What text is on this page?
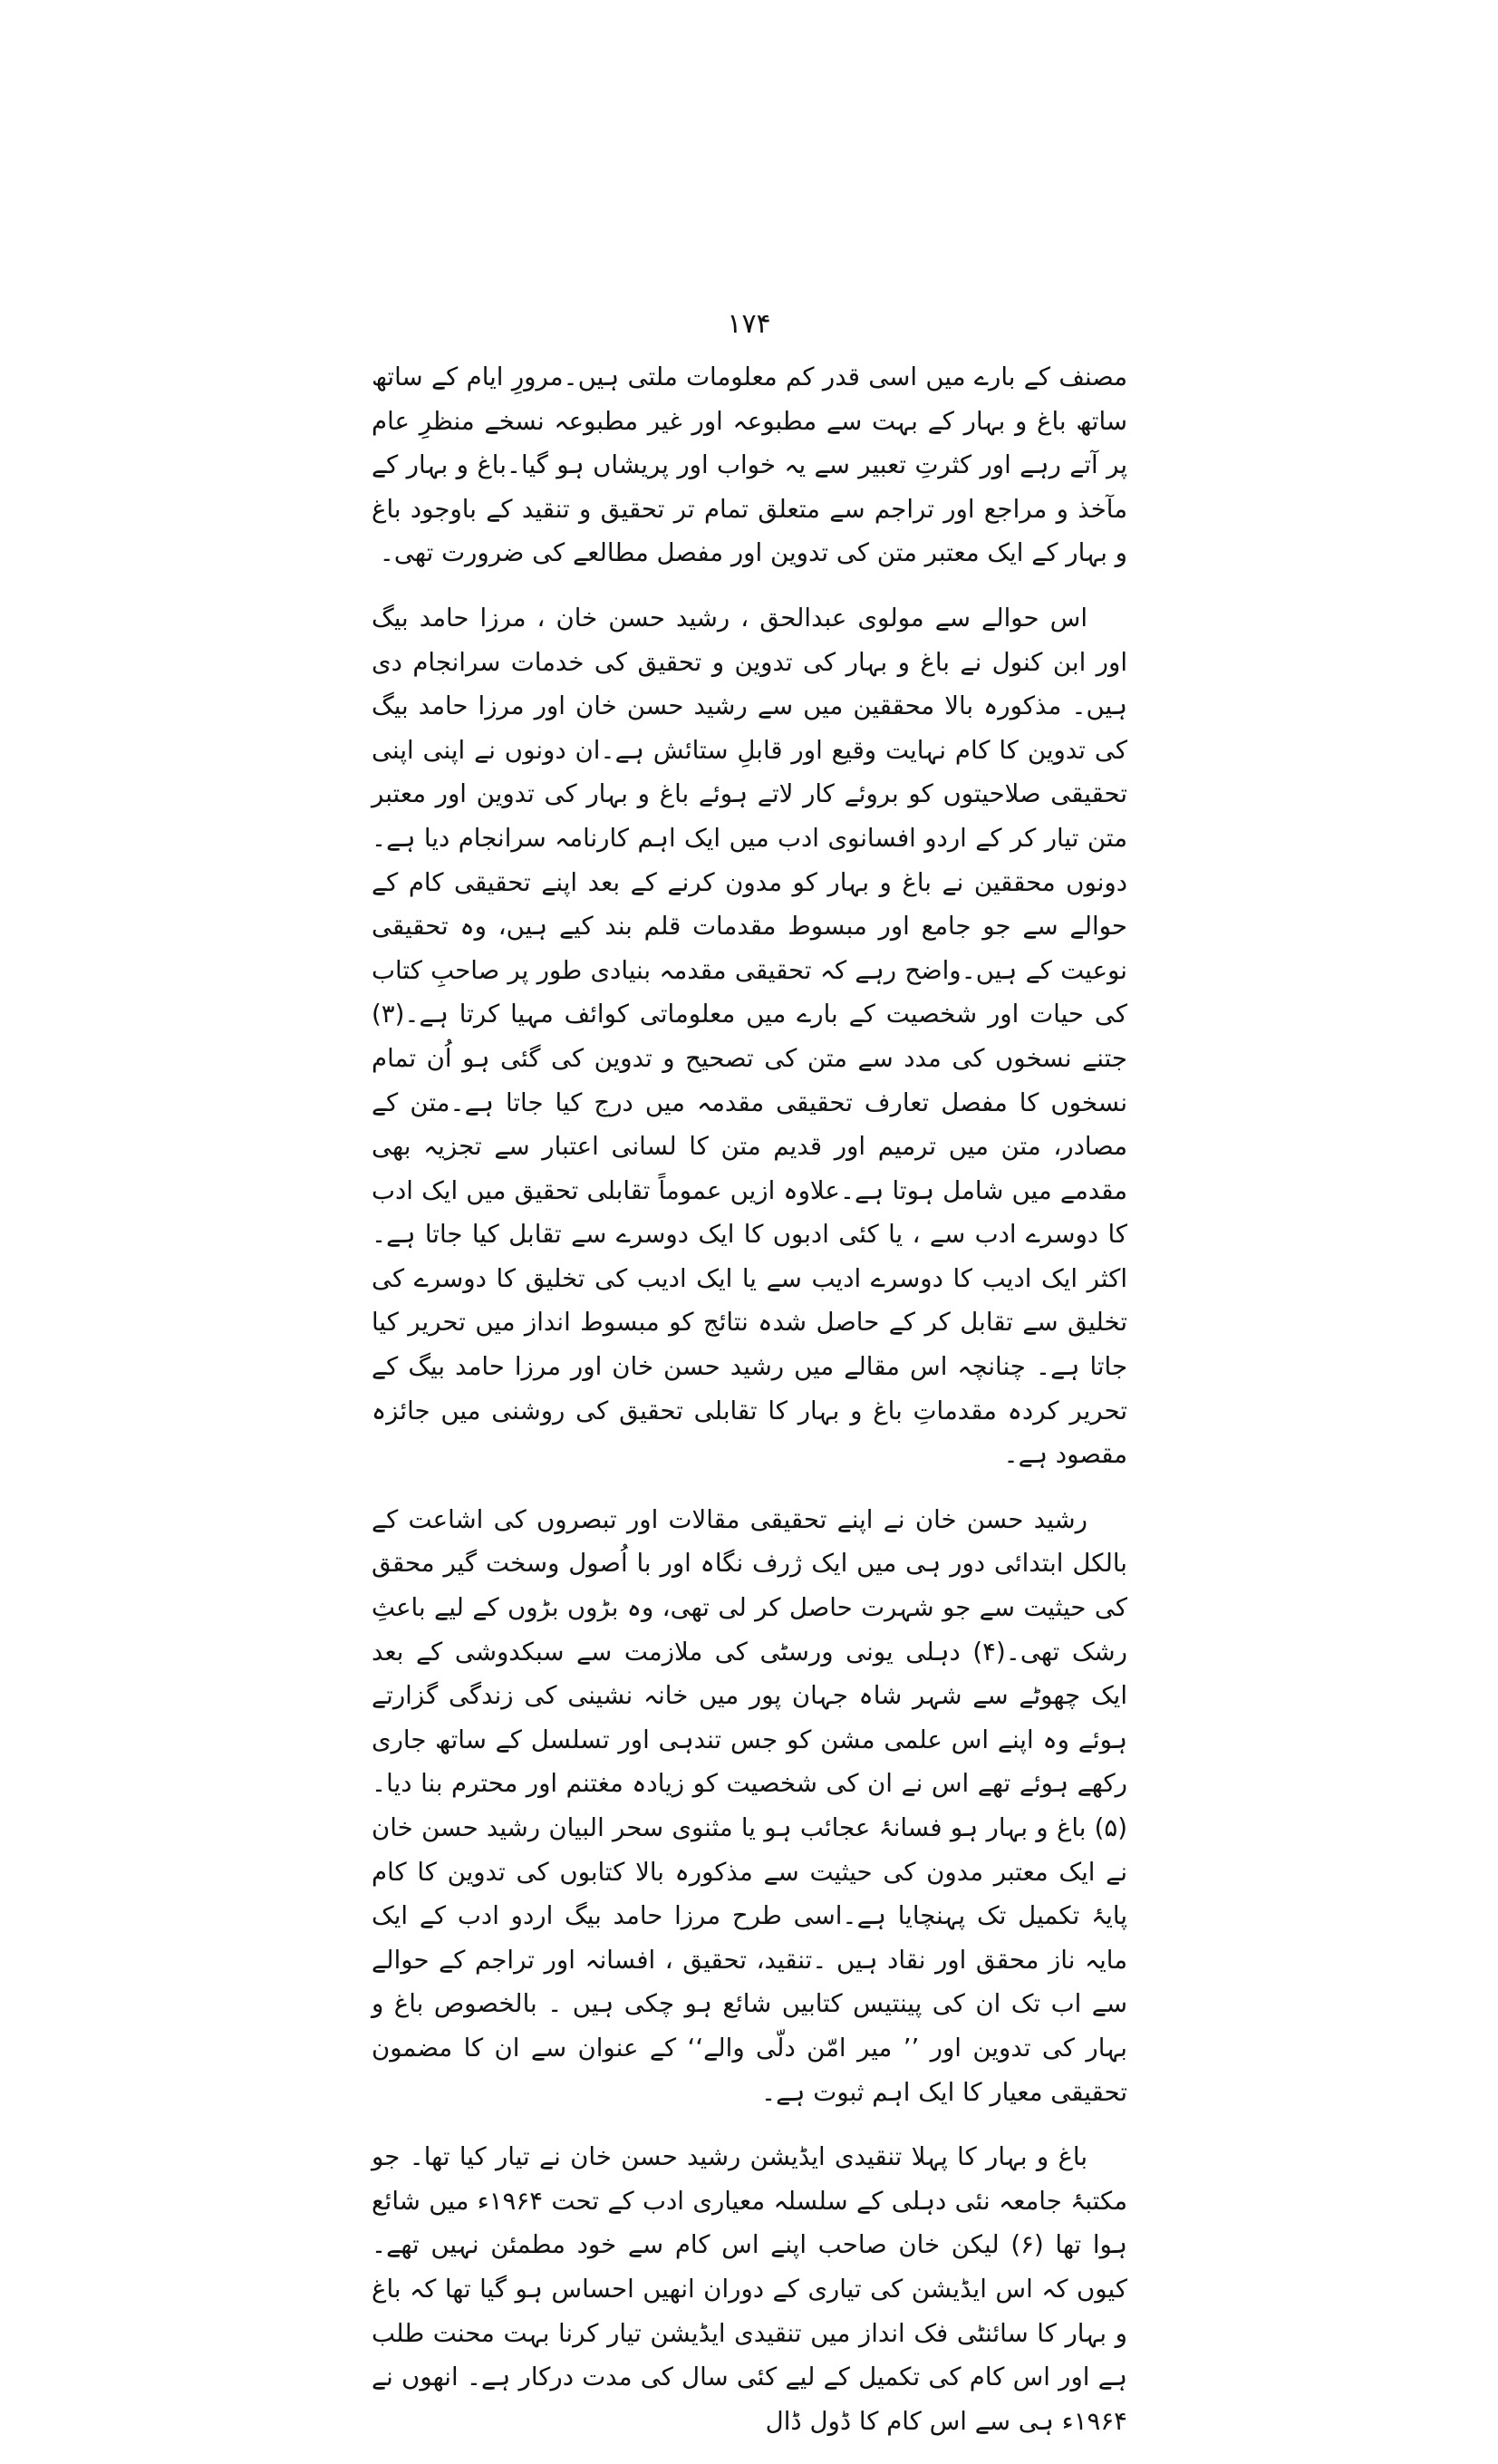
۱۷۴

مصنف کے بارے میں اسی قدر کم معلومات ملتی ہیں۔مرورِ ایام کے ساتھ ساتھ باغ و بہار کے بہت سے مطبوعہ اور غیر مطبوعہ نسخے منظرِ عام پر آتے رہے اور کثرتِ تعبیر سے یہ خواب اور پریشاں ہو گیا۔باغ و بہار کے مآخذ و مراجع اور تراجم سے متعلق تمام تر تحقیق و تنقید کے باوجود باغ و بہار کے ایک معتبر متن کی تدوین اور مفصل مطالعے کی ضرورت تھی۔

اس حوالے سے مولوی عبدالحق ، رشید حسن خان ، مرزا حامد بیگ اور ابن کنول نے باغ و بہار کی تدوین و تحقیق کی خدمات سرانجام دی ہیں۔ مذکورہ بالا محققین میں سے رشید حسن خان اور مرزا حامد بیگ کی تدوین کا کام نہایت وقیع اور قابلِ ستائش ہے۔ان دونوں نے اپنی اپنی تحقیقی صلاحیتوں کو بروئے کار لاتے ہوئے باغ و بہار کی تدوین اور معتبر متن تیار کر کے اردو افسانوی ادب میں ایک اہم کارنامہ سرانجام دیا ہے۔دونوں محققین نے باغ و بہار کو مدون کرنے کے بعد اپنے تحقیقی کام کے حوالے سے جو جامع اور مبسوط مقدمات قلم بند کیے ہیں، وہ تحقیقی نوعیت کے ہیں۔واضح رہے کہ تحقیقی مقدمہ بنیادی طور پر صاحبِ کتاب کی حیات اور شخصیت کے بارے میں معلوماتی کوائف مہیا کرتا ہے۔(۳) جتنے نسخوں کی مدد سے متن کی تصحیح و تدوین کی گئی ہو اُن تمام نسخوں کا مفصل تعارف تحقیقی مقدمہ میں درج کیا جاتا ہے۔متن کے مصادر، متن میں ترمیم اور قدیم متن کا لسانی اعتبار سے تجزیہ بھی مقدمے میں شامل ہوتا ہے۔علاوہ ازیں عموماً تقابلی تحقیق میں ایک ادب کا دوسرے ادب سے ، یا کئی ادبوں کا ایک دوسرے سے تقابل کیا جاتا ہے۔ اکثر ایک ادیب کا دوسرے ادیب سے یا ایک ادیب کی تخلیق کا دوسرے کی تخلیق سے تقابل کر کے حاصل شدہ نتائج کو مبسوط انداز میں تحریر کیا جاتا ہے۔ چنانچہ اس مقالے میں رشید حسن خان اور مرزا حامد بیگ کے تحریر کردہ مقدماتِ باغ و بہار کا تقابلی تحقیق کی روشنی میں جائزہ مقصود ہے۔

رشید حسن خان نے اپنے تحقیقی مقالات اور تبصروں کی اشاعت کے بالکل ابتدائی دور ہی میں ایک ژرف نگاہ اور با اُصول وسخت گیر محقق کی حیثیت سے جو شہرت حاصل کر لی تھی، وہ بڑوں بڑوں کے لیے باعثِ رشک تھی۔(۴) دہلی یونی ورسٹی کی ملازمت سے سبکدوشی کے بعد ایک چھوٹے سے شہر شاہ جہان پور میں خانہ نشینی کی زندگی گزارتے ہوئے وہ اپنے اس علمی مشن کو جس تندہی اور تسلسل کے ساتھ جاری رکھے ہوئے تھے اس نے ان کی شخصیت کو زیادہ مغتنم اور محترم بنا دیا۔(۵) باغ و بہار ہو فسانۂ عجائب ہو یا مثنوی سحر البیان رشید حسن خان نے ایک معتبر مدون کی حیثیت سے مذکورہ بالا کتابوں کی تدوین کا کام پایۂ تکمیل تک پہنچایا ہے۔اسی طرح مرزا حامد بیگ اردو ادب کے ایک مایہ ناز محقق اور نقاد ہیں ۔تنقید، تحقیق ، افسانہ اور تراجم کے حوالے سے اب تک ان کی پینتیس کتابیں شائع ہو چکی ہیں ۔ بالخصوص باغ و بہار کی تدوین اور ’’ میر امّن دلّی والے‘‘ کے عنوان سے ان کا مضمون تحقیقی معیار کا ایک اہم ثبوت ہے۔

باغ و بہار کا پہلا تنقیدی ایڈیشن رشید حسن خان نے تیار کیا تھا۔ جو مکتبۂ جامعہ نئی دہلی کے سلسلہ معیاری ادب کے تحت ۱۹۶۴ء میں شائع ہوا تھا (۶) لیکن خان صاحب اپنے اس کام سے خود مطمئن نہیں تھے۔ کیوں کہ اس ایڈیشن کی تیاری کے دوران انھیں احساس ہو گیا تھا کہ باغ و بہار کا سائنٹی فک انداز میں تنقیدی ایڈیشن تیار کرنا بہت محنت طلب ہے اور اس کام کی تکمیل کے لیے کئی سال کی مدت درکار ہے۔ انھوں نے ۱۹۶۴ء ہی سے اس کام کا ڈول ڈال
